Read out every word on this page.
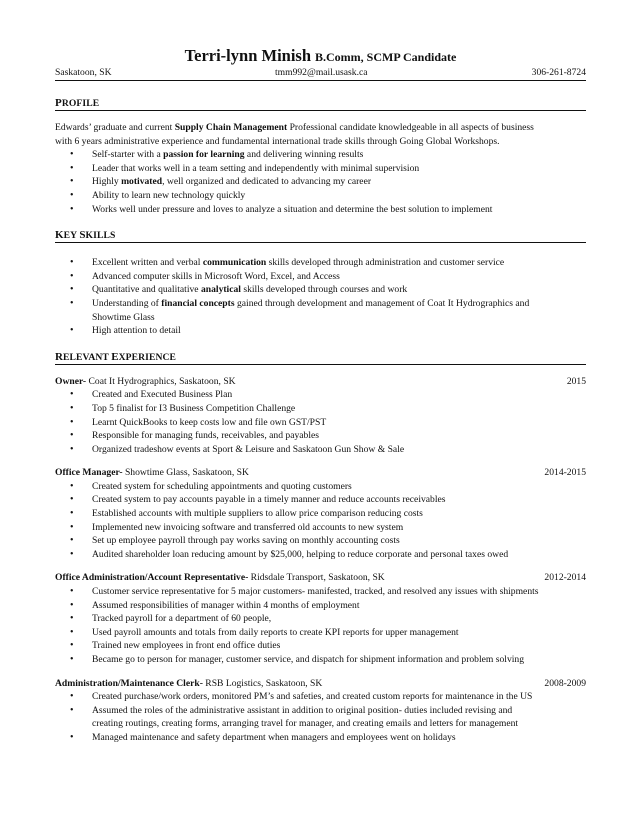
Terri-lynn Minish B.Comm, SCMP Candidate
Saskatoon, SK	tmm992@mail.usask.ca	306-261-8724
PROFILE
Edwards’ graduate and current Supply Chain Management Professional candidate knowledgeable in all aspects of business
with 6 years administrative experience and fundamental international trade skills through Going Global Workshops.
• Self-starter with a passion for learning and delivering winning results
• Leader that works well in a team setting and independently with minimal supervision
• Highly motivated, well organized and dedicated to advancing my career
• Ability to learn new technology quickly
• Works well under pressure and loves to analyze a situation and determine the best solution to implement
KEY SKILLS
• Excellent written and verbal communication skills developed through administration and customer service
• Advanced computer skills in Microsoft Word, Excel, and Access
• Quantitative and qualitative analytical skills developed through courses and work
• Understanding of financial concepts gained through development and management of Coat It Hydrographics and
Showtime Glass
• High attention to detail
RELEVANT EXPERIENCE
Owner- Coat It Hydrographics, Saskatoon, SK	2015
• Created and Executed Business Plan
• Top 5 finalist for I3 Business Competition Challenge
• Learnt QuickBooks to keep costs low and file own GST/PST
• Responsible for managing funds, receivables, and payables
• Organized tradeshow events at Sport & Leisure and Saskatoon Gun Show & Sale
Office Manager- Showtime Glass, Saskatoon, SK	2014-2015
• Created system for scheduling appointments and quoting customers
• Created system to pay accounts payable in a timely manner and reduce accounts receivables
• Established accounts with multiple suppliers to allow price comparison reducing costs
• Implemented new invoicing software and transferred old accounts to new system
• Set up employee payroll through pay works saving on monthly accounting costs
• Audited shareholder loan reducing amount by $25,000, helping to reduce corporate and personal taxes owed
Office Administration/Account Representative- Ridsdale Transport, Saskatoon, SK	2012-2014
• Customer service representative for 5 major customers- manifested, tracked, and resolved any issues with shipments
• Assumed responsibilities of manager within 4 months of employment
• Tracked payroll for a department of 60 people,
• Used payroll amounts and totals from daily reports to create KPI reports for upper management
• Trained new employees in front end office duties
• Became go to person for manager, customer service, and dispatch for shipment information and problem solving
Administration/Maintenance Clerk- RSB Logistics, Saskatoon, SK	2008-2009
• Created purchase/work orders, monitored PM’s and safeties, and created custom reports for maintenance in the US
• Assumed the roles of the administrative assistant in addition to original position- duties included revising and
creating routings, creating forms, arranging travel for manager, and creating emails and letters for management
• Managed maintenance and safety department when managers and employees went on holidays
